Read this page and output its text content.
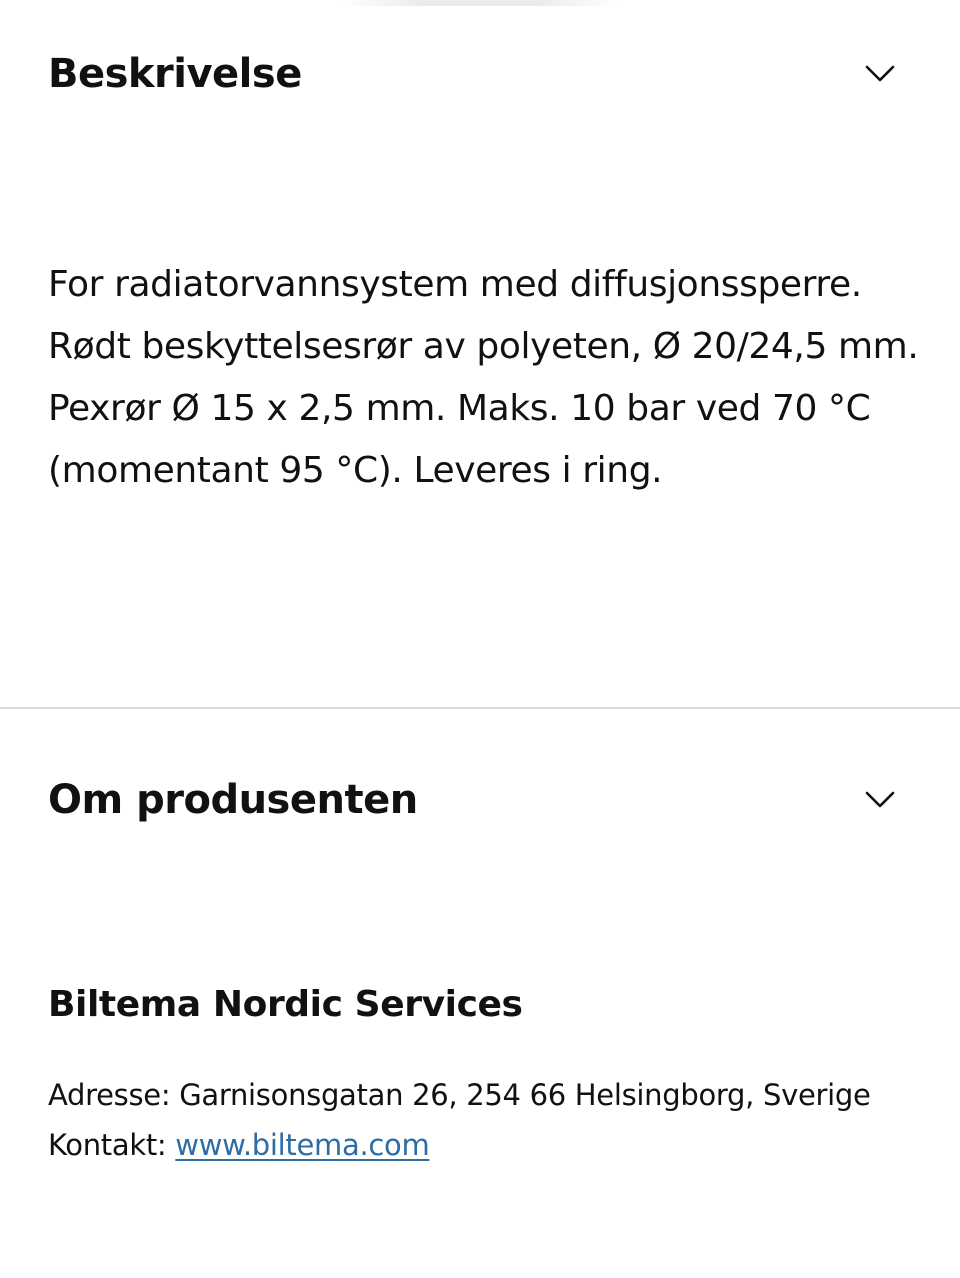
Beskrivelse

For radiatorvannsystem med diffusjonssperre.
Rødt beskyttelsesrør av polyeten, Ø 20/24,5 mm.
Pexrør Ø 15 x 2,5 mm. Maks. 10 bar ved 70 °C
(momentant 95 °C). Leveres i ring.

Om produsenten
Biltema Nordic Services

Adresse: Garnisonsgatan 26, 254 66 Helsingborg, Sverige

Kontakt: www.biltema.com
